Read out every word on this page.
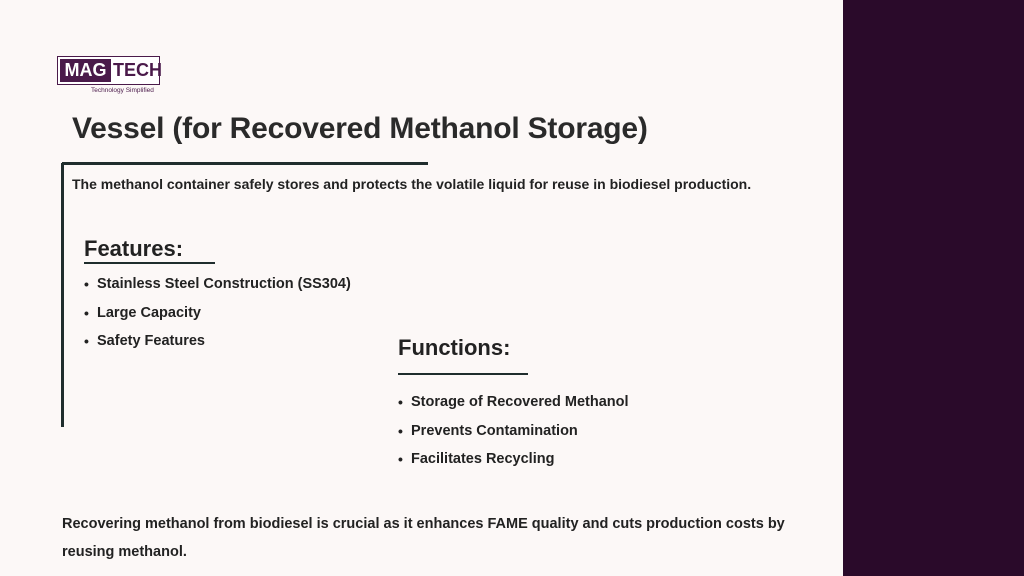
MAG TECH
Technology Simplified
Vessel (for Recovered Methanol Storage)
The methanol container safely stores and protects the volatile liquid for reuse in biodiesel production.
Features:
• Stainless Steel Construction (SS304)
• Large Capacity
• Safety Features	Functions:
• Storage of Recovered Methanol
• Prevents Contamination
• Facilitates Recycling

Recovering methanol from biodiesel is crucial as it enhances FAME quality and cuts production costs by reusing methanol.
